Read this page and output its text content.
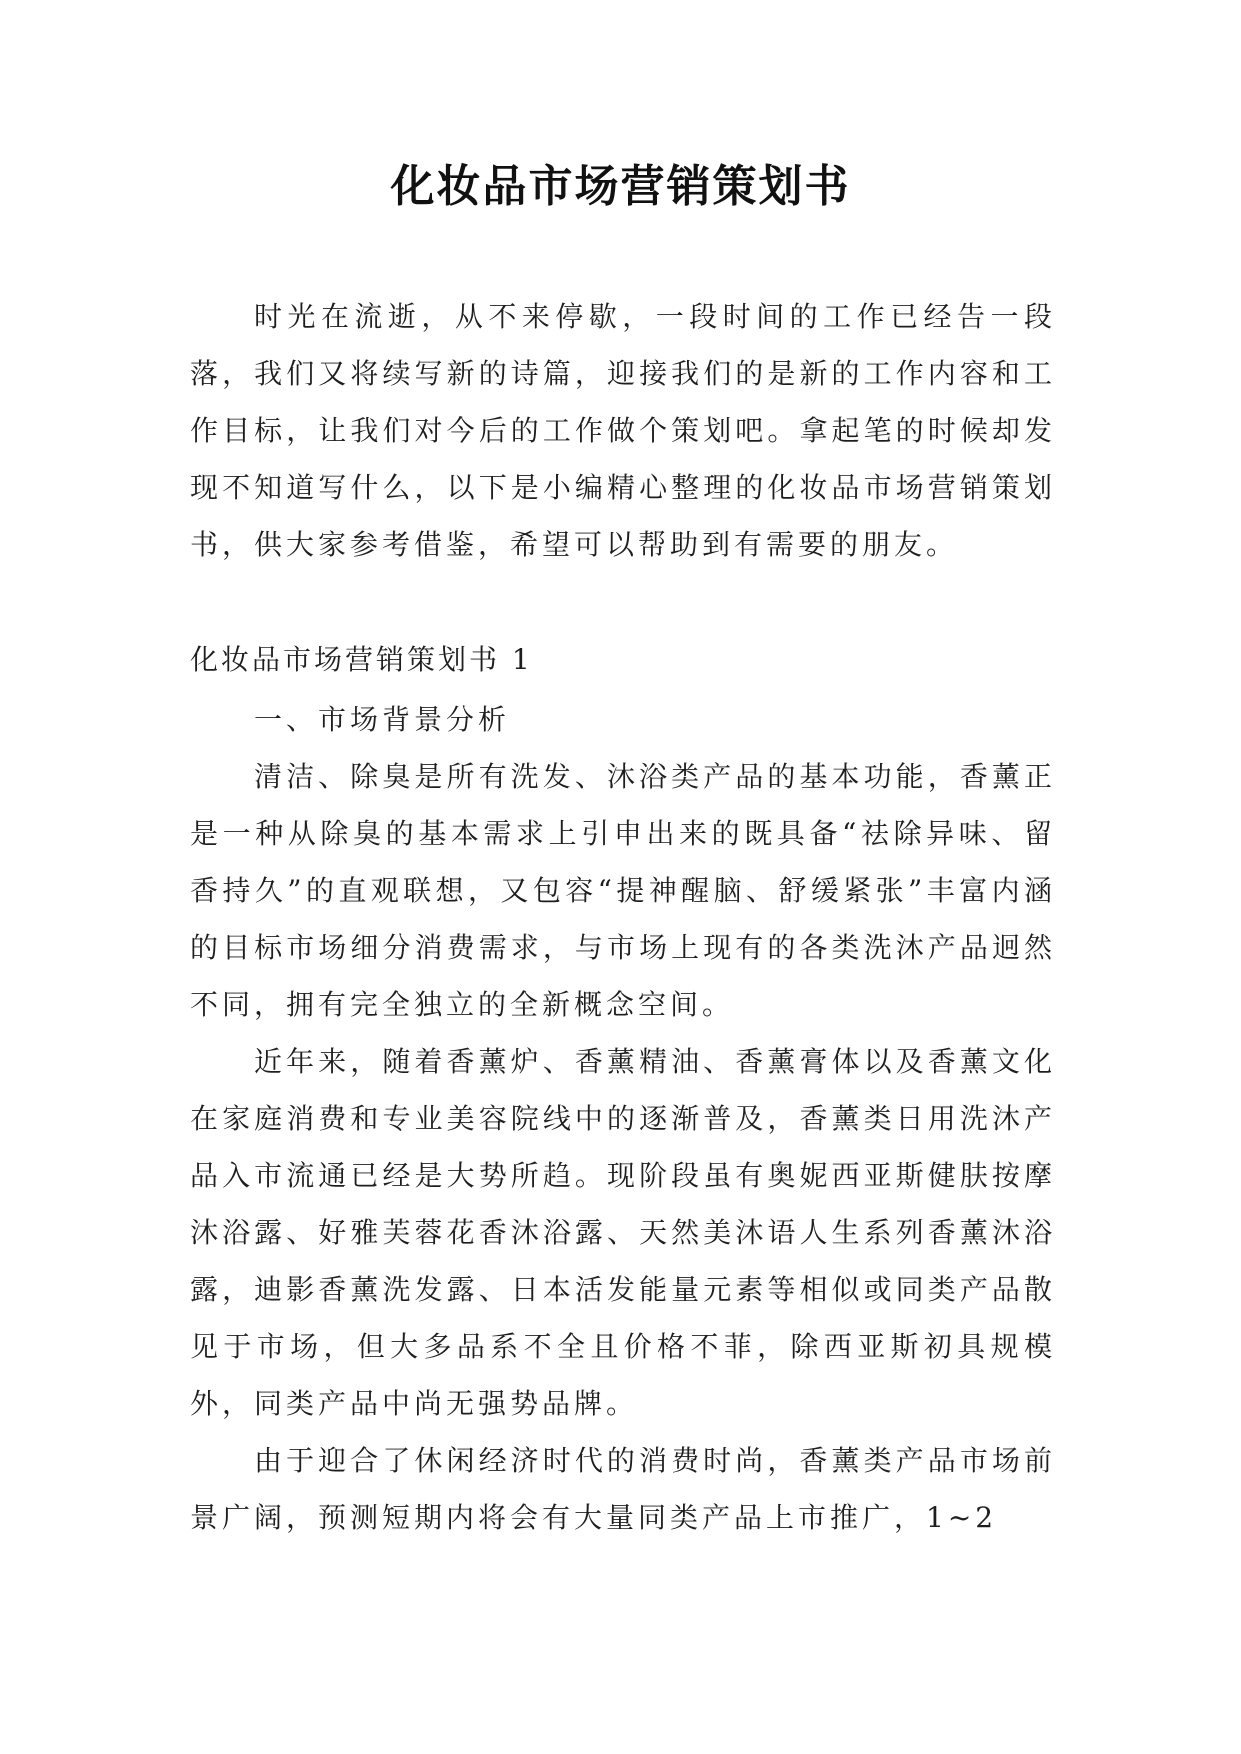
化妆品市场营销策划书

时光在流逝，从不来停歇，一段时间的工作已经告一段落，我们又将续写新的诗篇，迎接我们的是新的工作内容和工作目标，让我们对今后的工作做个策划吧。拿起笔的时候却发现不知道写什么，以下是小编精心整理的化妆品市场营销策划书，供大家参考借鉴，希望可以帮助到有需要的朋友。

化妆品市场营销策划书 1
一、市场背景分析

清洁、除臭是所有洗发、沐浴类产品的基本功能，香薰正是一种从除臭的基本需求上引申出来的既具备“祛除异味、留香持久”的直观联想，又包容“提神醒脑、舒缓紧张”丰富内涵的目标市场细分消费需求，与市场上现有的各类洗沐产品迥然不同，拥有完全独立的全新概念空间。

近年来，随着香薰炉、香薰精油、香薰膏体以及香薰文化在家庭消费和专业美容院线中的逐渐普及，香薰类日用洗沐产品入市流通已经是大势所趋。现阶段虽有奥妮西亚斯健肤按摩沐浴露、好雅芙蓉花香沐浴露、天然美沐语人生系列香薰沐浴露，迪影香薰洗发露、日本活发能量元素等相似或同类产品散见于市场，但大多品系不全且价格不菲，除西亚斯初具规模外，同类产品中尚无强势品牌。

由于迎合了休闲经济时代的消费时尚，香薰类产品市场前景广阔，预测短期内将会有大量同类产品上市推广，1~2
